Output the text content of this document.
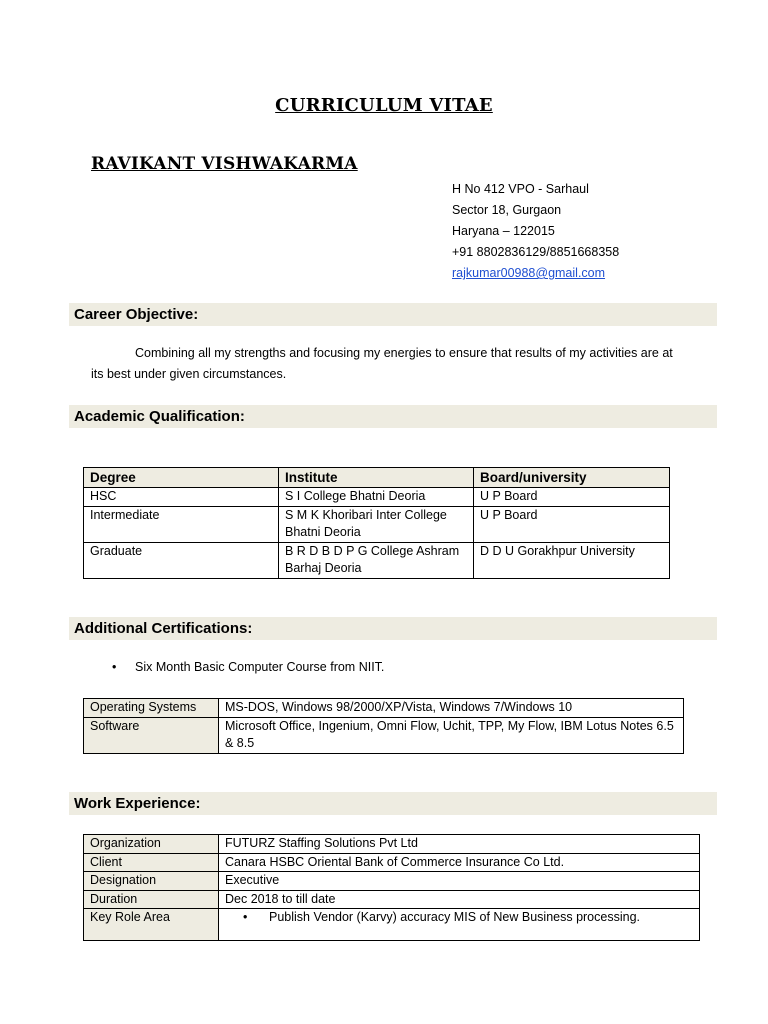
CURRICULUM VITAE
RAVIKANT VISHWAKARMA
H No 412 VPO - Sarhaul
Sector 18, Gurgaon
Haryana – 122015
+91 8802836129/8851668358
rajkumar00988@gmail.com
Career Objective:
Combining all my strengths and focusing my energies to ensure that results of my activities are at its best under given circumstances.
Academic Qualification:
Degree	Institute	Board/university
HSC	S I College Bhatni Deoria	U P Board
Intermediate	S M K Khoribari Inter College Bhatni Deoria	U P Board
Graduate	B R D B D P G College Ashram Barhaj Deoria	D D U Gorakhpur University
Additional Certifications:
• Six Month Basic Computer Course from NIIT.
Operating Systems	MS-DOS, Windows 98/2000/XP/Vista, Windows 7/Windows 10
Software	Microsoft Office, Ingenium, Omni Flow, Uchit, TPP, My Flow, IBM Lotus Notes 6.5 & 8.5
Work Experience:
Organization	FUTURZ Staffing Solutions Pvt Ltd
Client	Canara HSBC Oriental Bank of Commerce Insurance Co Ltd.
Designation	Executive
Duration	Dec 2018 to till date
Key Role Area	• Publish Vendor (Karvy) accuracy MIS of New Business processing.
